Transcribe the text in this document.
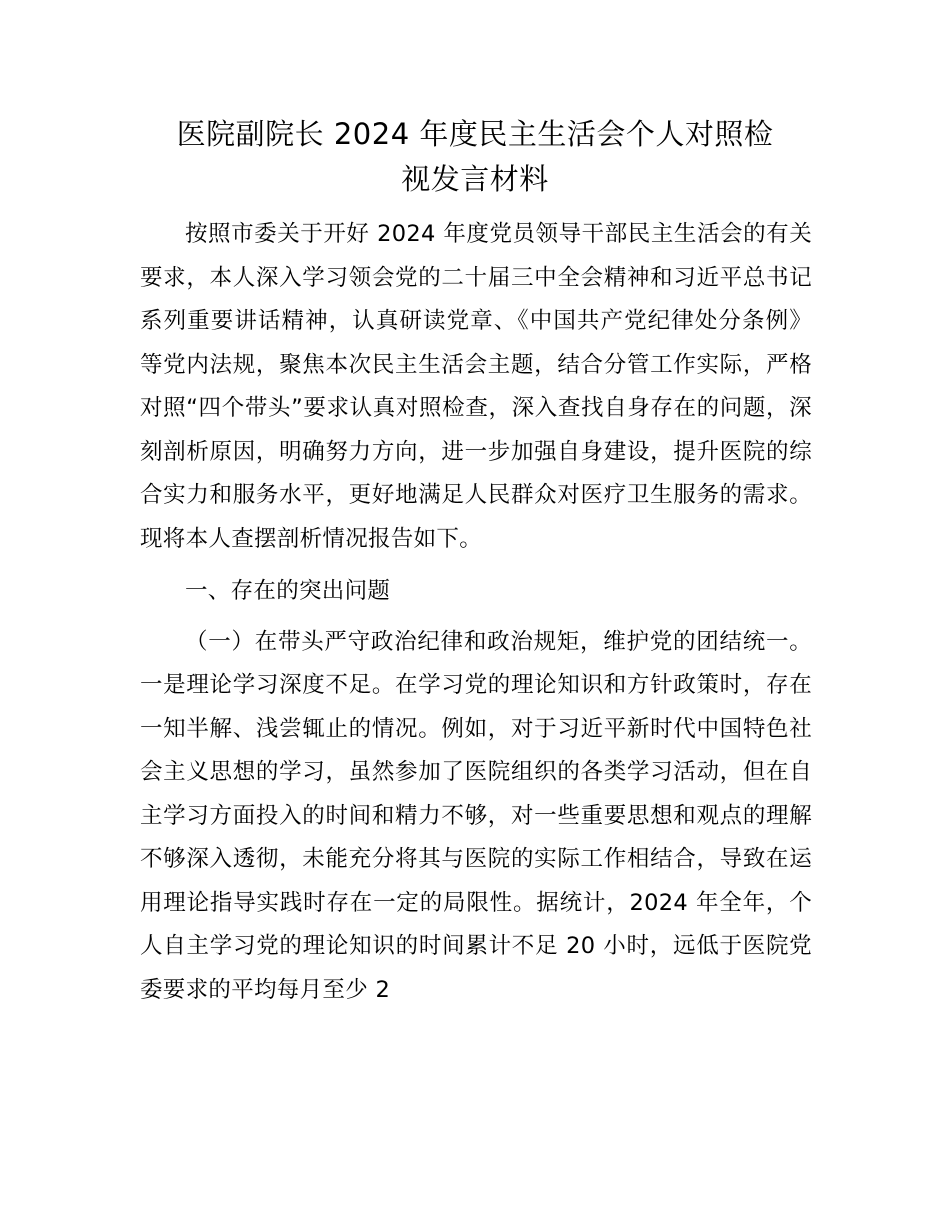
医院副院长 2024 年度民主生活会个人对照检
视发言材料

按照市委关于开好 2024 年度党员领导干部民主生活会的有关要求，本人深入学习领会党的二十届三中全会精神和习近平总书记系列重要讲话精神，认真研读党章、《中国共产党纪律处分条例》等党内法规，聚焦本次民主生活会主题，结合分管工作实际，严格对照“四个带头”要求认真对照检查，深入查找自身存在的问题，深刻剖析原因，明确努力方向，进一步加强自身建设，提升医院的综合实力和服务水平，更好地满足人民群众对医疗卫生服务的需求。现将本人查摆剖析情况报告如下。

一、存在的突出问题

（一）在带头严守政治纪律和政治规矩，维护党的团结统一。一是理论学习深度不足。在学习党的理论知识和方针政策时，存在一知半解、浅尝辄止的情况。例如，对于习近平新时代中国特色社会主义思想的学习，虽然参加了医院组织的各类学习活动，但在自主学习方面投入的时间和精力不够，对一些重要思想和观点的理解不够深入透彻，未能充分将其与医院的实际工作相结合，导致在运用理论指导实践时存在一定的局限性。据统计，2024 年全年，个人自主学习党的理论知识的时间累计不足 20 小时，远低于医院党委要求的平均每月至少 2
